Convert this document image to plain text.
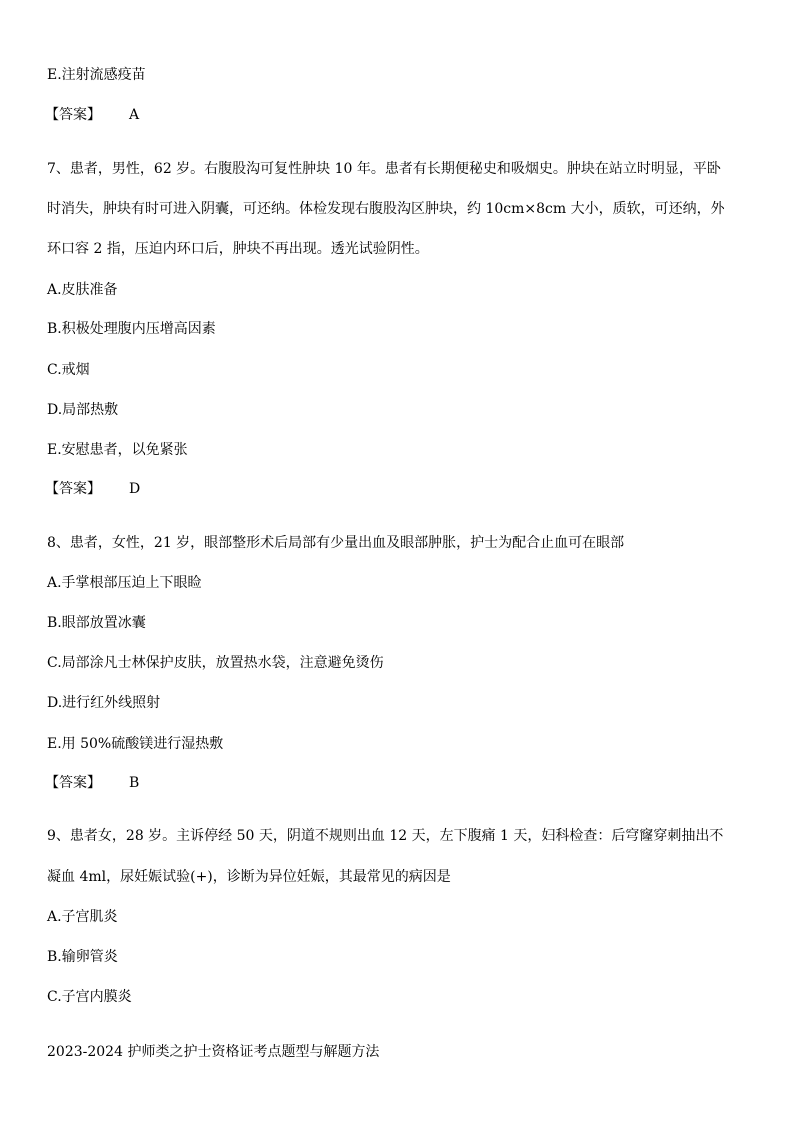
E.注射流感疫苗
【答案】 A
7、患者，男性，62 岁。右腹股沟可复性肿块 10 年。患者有长期便秘史和吸烟史。肿块在站立时明显，平卧
时消失，肿块有时可进入阴囊，可还纳。体检发现右腹股沟区肿块，约 10cm×8cm 大小，质软，可还纳，外
环口容 2 指，压迫内环口后，肿块不再出现。透光试验阴性。
A.皮肤准备
B.积极处理腹内压增高因素
C.戒烟
D.局部热敷
E.安慰患者，以免紧张
【答案】 D
8、患者，女性，21 岁，眼部整形术后局部有少量出血及眼部肿胀，护士为配合止血可在眼部
A.手掌根部压迫上下眼睑
B.眼部放置冰囊
C.局部涂凡士林保护皮肤，放置热水袋，注意避免烫伤
D.进行红外线照射
E.用 50%硫酸镁进行湿热敷
【答案】 B
9、患者女，28 岁。主诉停经 50 天，阴道不规则出血 12 天，左下腹痛 1 天，妇科检查：后穹窿穿刺抽出不
凝血 4ml，尿妊娠试验(+)，诊断为异位妊娠，其最常见的病因是
A.子宫肌炎
B.输卵管炎
C.子宫内膜炎
2023-2024 护师类之护士资格证考点题型与解题方法
